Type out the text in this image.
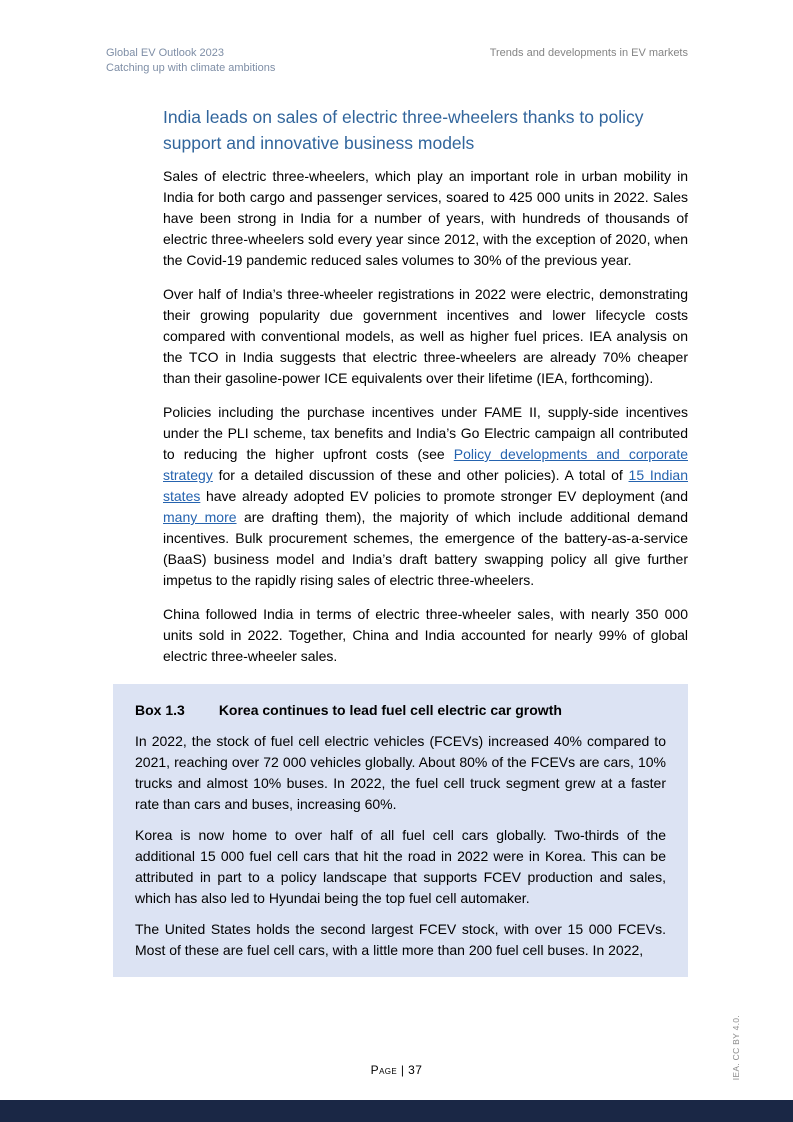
Global EV Outlook 2023
Catching up with climate ambitions
Trends and developments in EV markets
India leads on sales of electric three-wheelers thanks to policy support and innovative business models

Sales of electric three-wheelers, which play an important role in urban mobility in India for both cargo and passenger services, soared to 425 000 units in 2022. Sales have been strong in India for a number of years, with hundreds of thousands of electric three-wheelers sold every year since 2012, with the exception of 2020, when the Covid-19 pandemic reduced sales volumes to 30% of the previous year.

Over half of India’s three-wheeler registrations in 2022 were electric, demonstrating their growing popularity due government incentives and lower lifecycle costs compared with conventional models, as well as higher fuel prices. IEA analysis on the TCO in India suggests that electric three-wheelers are already 70% cheaper than their gasoline-power ICE equivalents over their lifetime (IEA, forthcoming).

Policies including the purchase incentives under FAME II, supply-side incentives under the PLI scheme, tax benefits and India’s Go Electric campaign all contributed to reducing the higher upfront costs (see Policy developments and corporate strategy for a detailed discussion of these and other policies). A total of 15 Indian states have already adopted EV policies to promote stronger EV deployment (and many more are drafting them), the majority of which include additional demand incentives. Bulk procurement schemes, the emergence of the battery-as-a-service (BaaS) business model and India’s draft battery swapping policy all give further impetus to the rapidly rising sales of electric three-wheelers.

China followed India in terms of electric three-wheeler sales, with nearly 350 000 units sold in 2022. Together, China and India accounted for nearly 99% of global electric three-wheeler sales.

Box 1.3 Korea continues to lead fuel cell electric car growth

In 2022, the stock of fuel cell electric vehicles (FCEVs) increased 40% compared to 2021, reaching over 72 000 vehicles globally. About 80% of the FCEVs are cars, 10% trucks and almost 10% buses. In 2022, the fuel cell truck segment grew at a faster rate than cars and buses, increasing 60%.

Korea is now home to over half of all fuel cell cars globally. Two-thirds of the additional 15 000 fuel cell cars that hit the road in 2022 were in Korea. This can be attributed in part to a policy landscape that supports FCEV production and sales, which has also led to Hyundai being the top fuel cell automaker.

The United States holds the second largest FCEV stock, with over 15 000 FCEVs. Most of these are fuel cell cars, with a little more than 200 fuel cell buses. In 2022,

Page | 37	IEA. CC BY 4.0.
